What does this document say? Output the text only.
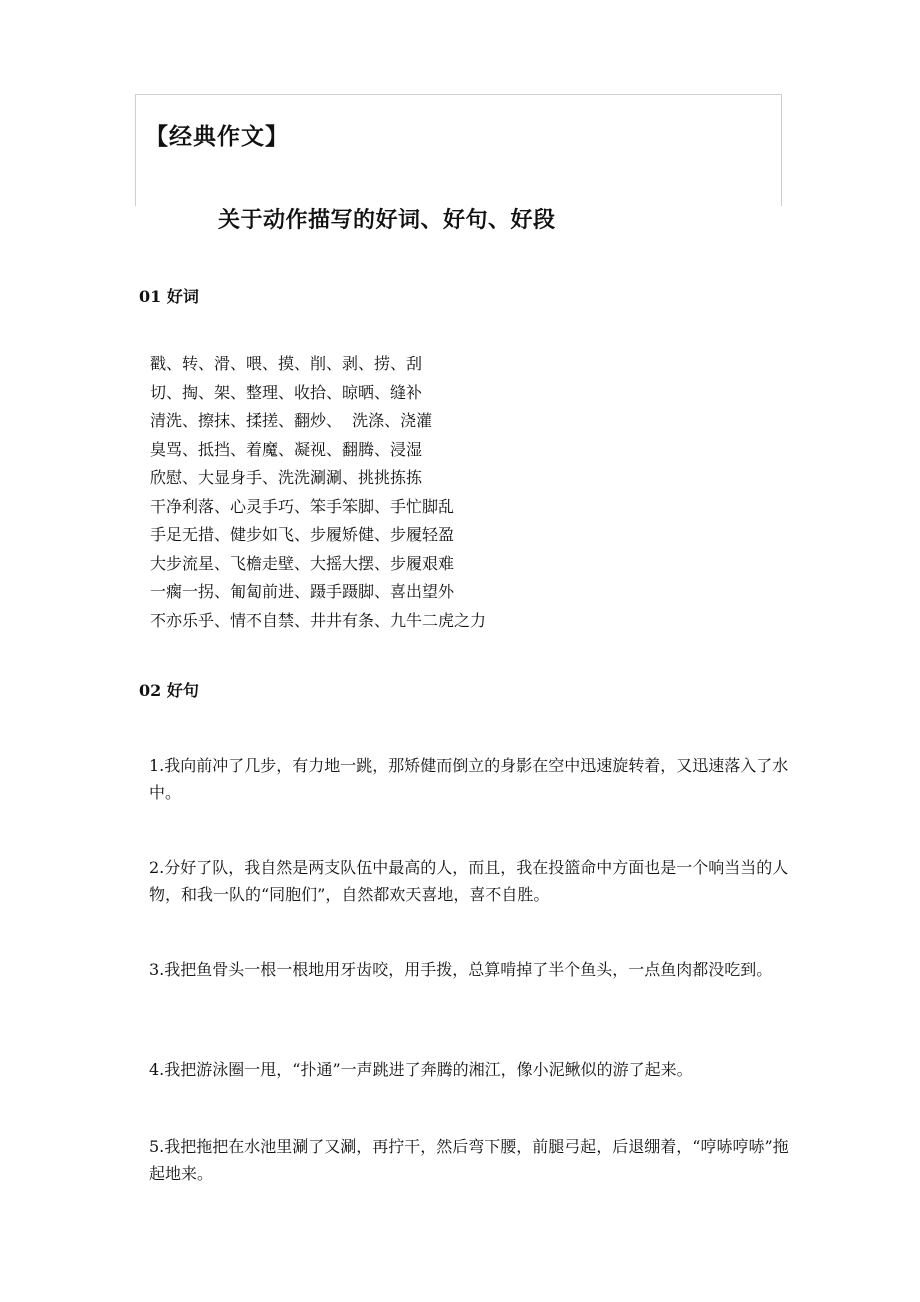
【经典作文】
关于动作描写的好词、好句、好段
01 好词
戳、转、滑、喂、摸、削、剥、捞、刮
切、掏、架、整理、收拾、晾晒、缝补
清洗、擦抹、揉搓、翻炒、  洗涤、浇灌
臭骂、抵挡、着魔、凝视、翻腾、浸湿
欣慰、大显身手、洗洗涮涮、挑挑拣拣
干净利落、心灵手巧、笨手笨脚、手忙脚乱
手足无措、健步如飞、步履矫健、步履轻盈
大步流星、飞檐走壁、大摇大摆、步履艰难
一瘸一拐、匍匐前进、蹑手蹑脚、喜出望外
不亦乐乎、情不自禁、井井有条、九牛二虎之力
02 好句

1.我向前冲了几步，有力地一跳，那矫健而倒立的身影在空中迅速旋转着，又迅速落入了水中。

2.分好了队，我自然是两支队伍中最高的人，而且，我在投篮命中方面也是一个响当当的人物，和我一队的“同胞们”，自然都欢天喜地，喜不自胜。

3.我把鱼骨头一根一根地用牙齿咬，用手拨，总算啃掉了半个鱼头，一点鱼肉都没吃到。

4.我把游泳圈一甩，“扑通”一声跳进了奔腾的湘江，像小泥鳅似的游了起来。

5.我把拖把在水池里涮了又涮，再拧干，然后弯下腰，前腿弓起，后退绷着，“哼哧哼哧”拖起地来。
